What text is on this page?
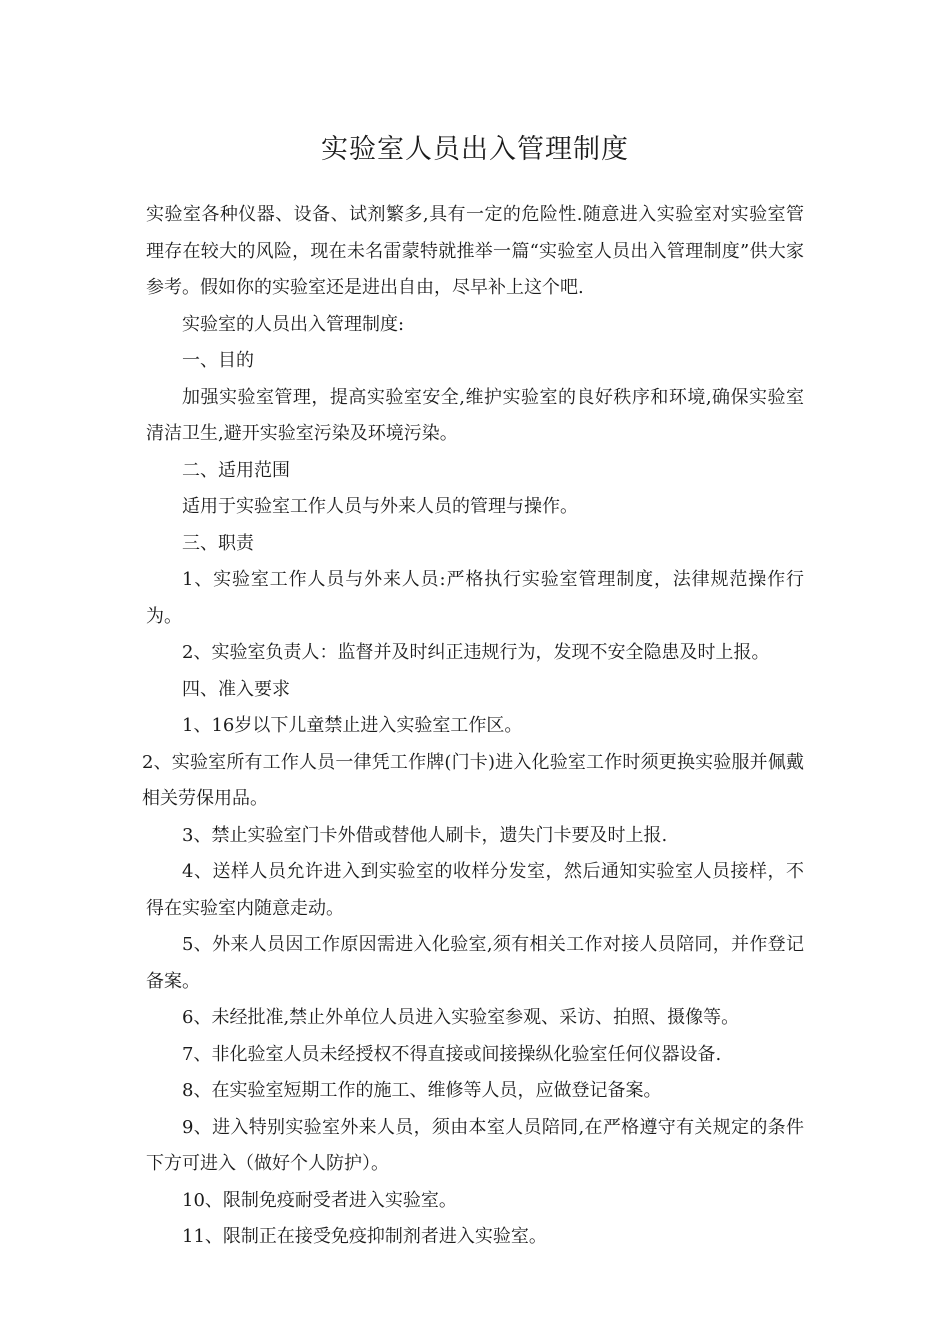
实验室人员出入管理制度

实验室各种仪器、设备、试剂繁多,具有一定的危险性.随意进入实验室对实验室管理存在较大的风险，现在未名雷蒙特就推举一篇“实验室人员出入管理制度”供大家参考。假如你的实验室还是进出自由，尽早补上这个吧.

实验室的人员出入管理制度:

一、目的

加强实验室管理，提高实验室安全,维护实验室的良好秩序和环境,确保实验室清洁卫生,避开实验室污染及环境污染。

二、适用范围

适用于实验室工作人员与外来人员的管理与操作。

三、职责

1、实验室工作人员与外来人员:严格执行实验室管理制度，法律规范操作行为。

2、实验室负责人：监督并及时纠正违规行为，发现不安全隐患及时上报。

四、准入要求

1、16岁以下儿童禁止进入实验室工作区。

2、实验室所有工作人员一律凭工作牌(门卡)进入化验室工作时须更换实验服并佩戴相关劳保用品。

3、禁止实验室门卡外借或替他人刷卡，遗失门卡要及时上报.

4、送样人员允许进入到实验室的收样分发室，然后通知实验室人员接样，不得在实验室内随意走动。

5、外来人员因工作原因需进入化验室,须有相关工作对接人员陪同，并作登记备案。

6、未经批准,禁止外单位人员进入实验室参观、采访、拍照、摄像等。

7、非化验室人员未经授权不得直接或间接操纵化验室任何仪器设备.

8、在实验室短期工作的施工、维修等人员，应做登记备案。

9、进入特别实验室外来人员，须由本室人员陪同,在严格遵守有关规定的条件下方可进入（做好个人防护）。

10、限制免疫耐受者进入实验室。

11、限制正在接受免疫抑制剂者进入实验室。
